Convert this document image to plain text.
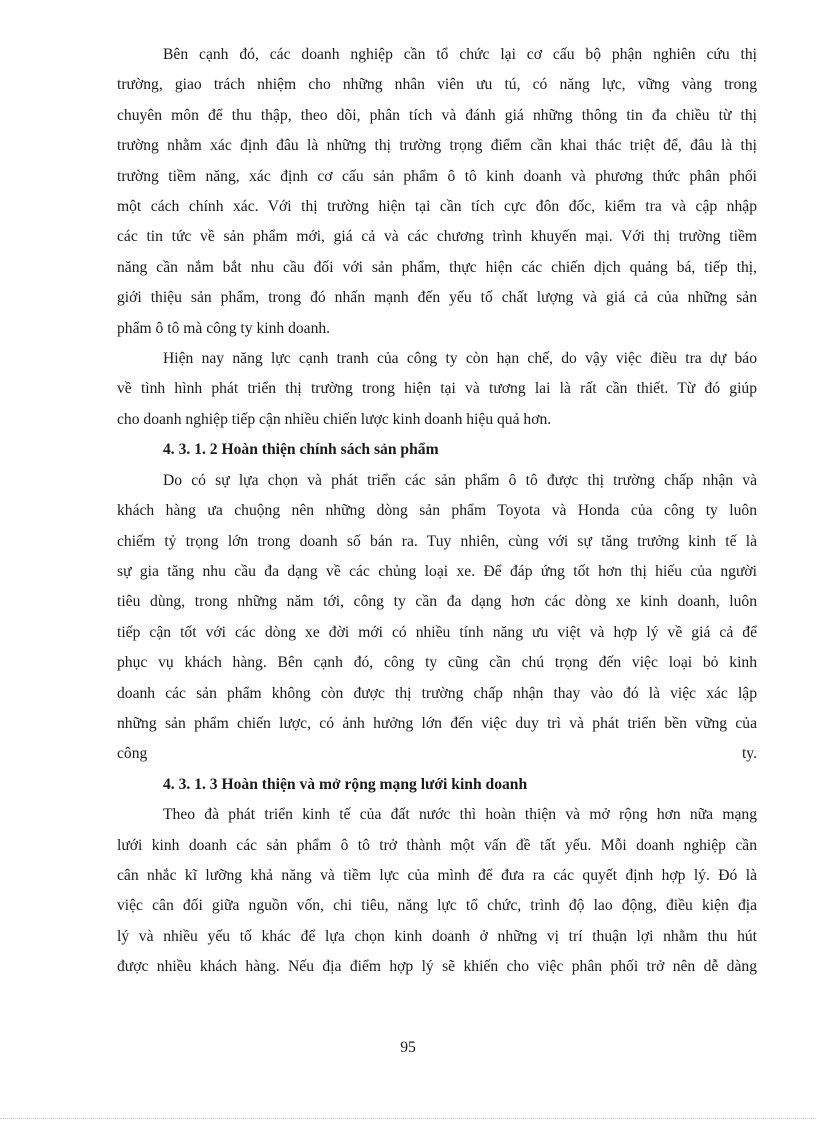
Bên cạnh đó, các doanh nghiệp cần tổ chức lại cơ cấu bộ phận nghiên cứu thị
trường, giao trách nhiệm cho những nhân viên ưu tú, có năng lực, vững vàng trong
chuyên môn để thu thập, theo dõi, phân tích và đánh giá những thông tin đa chiều từ thị
trường nhằm xác định đâu là những thị trường trọng điểm cần khai thác triệt để, đâu là thị
trường tiềm năng, xác định cơ cấu sản phẩm ô tô kinh doanh và phương thức phân phối
một cách chính xác. Với thị trường hiện tại cần tích cực đôn đốc, kiểm tra và cập nhập
các tin tức về sản phẩm mới, giá cả và các chương trình khuyến mại. Với thị trường tiềm
năng cần nắm bắt nhu cầu đối với sản phẩm, thực hiện các chiến dịch quảng bá, tiếp thị,
giới thiệu sản phẩm, trong đó nhấn mạnh đến yếu tố chất lượng và giá cả của những sản
phẩm ô tô mà công ty kinh doanh.
Hiện nay năng lực cạnh tranh của công ty còn hạn chế, do vậy việc điều tra dự báo
về tình hình phát triển thị trường trong hiện tại và tương lai là rất cần thiết. Từ đó giúp
cho doanh nghiệp tiếp cận nhiều chiến lược kinh doanh hiệu quả hơn.

4. 3. 1. 2 Hoàn thiện chính sách sản phẩm

Do có sự lựa chọn và phát triển các sản phẩm ô tô được thị trường chấp nhận và
khách hàng ưa chuộng nên những dòng sản phẩm Toyota và Honda của công ty luôn
chiếm tỷ trọng lớn trong doanh số bán ra. Tuy nhiên, cùng với sự tăng trưởng kinh tế là
sự gia tăng nhu cầu đa dạng về các chủng loại xe. Để đáp ứng tốt hơn thị hiếu của người
tiêu dùng, trong những năm tới, công ty cần đa dạng hơn các dòng xe kinh doanh, luôn
tiếp cận tốt với các dòng xe đời mới có nhiều tính năng ưu việt và hợp lý về giá cả để
phục vụ khách hàng. Bên cạnh đó, công ty cũng cần chú trọng đến việc loại bỏ kinh
doanh các sản phẩm không còn được thị trường chấp nhận thay vào đó là việc xác lập
những sản phẩm chiến lược, có ảnh hưởng lớn đến việc duy trì và phát triển bền vững của
công ty.

4. 3. 1. 3 Hoàn thiện và mở rộng mạng lưới kinh doanh

Theo đà phát triển kinh tế của đất nước thì hoàn thiện và mở rộng hơn nữa mạng
lưới kinh doanh các sản phẩm ô tô trở thành một vấn đề tất yếu. Mỗi doanh nghiệp cần
cân nhắc kĩ lưỡng khả năng và tiềm lực của mình để đưa ra các quyết định hợp lý. Đó là
việc cân đối giữa nguồn vốn, chi tiêu, năng lực tổ chức, trình độ lao động, điều kiện địa
lý và nhiều yếu tố khác để lựa chọn kinh doanh ở những vị trí thuận lợi nhằm thu hút
được nhiều khách hàng. Nếu địa điểm hợp lý sẽ khiến cho việc phân phối trở nên dễ dàng
95
